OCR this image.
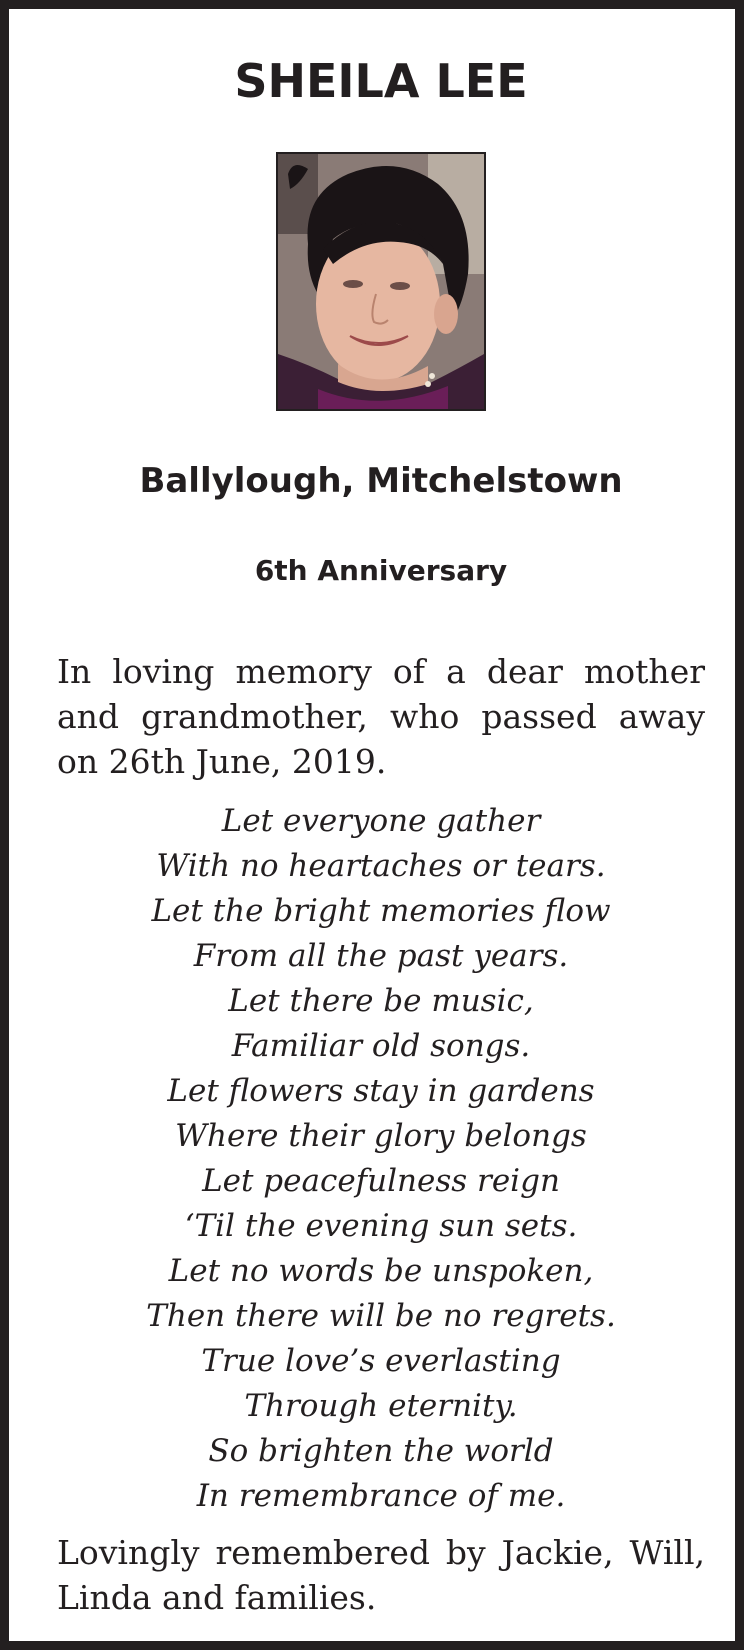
SHEILA LEE
Ballylough, Mitchelstown
6th Anniversary

In loving memory of a dear mother and grandmother, who passed away on 26th June, 2019.

Let everyone gather
With no heartaches or tears.
Let the bright memories flow
From all the past years.
Let there be music,
Familiar old songs.
Let flowers stay in gardens
Where their glory belongs
Let peacefulness reign
‘Til the evening sun sets.
Let no words be unspoken,
Then there will be no regrets.
True love’s everlasting
Through eternity.
So brighten the world
In remembrance of me.

Lovingly remembered by Jackie, Will, Linda and families.
